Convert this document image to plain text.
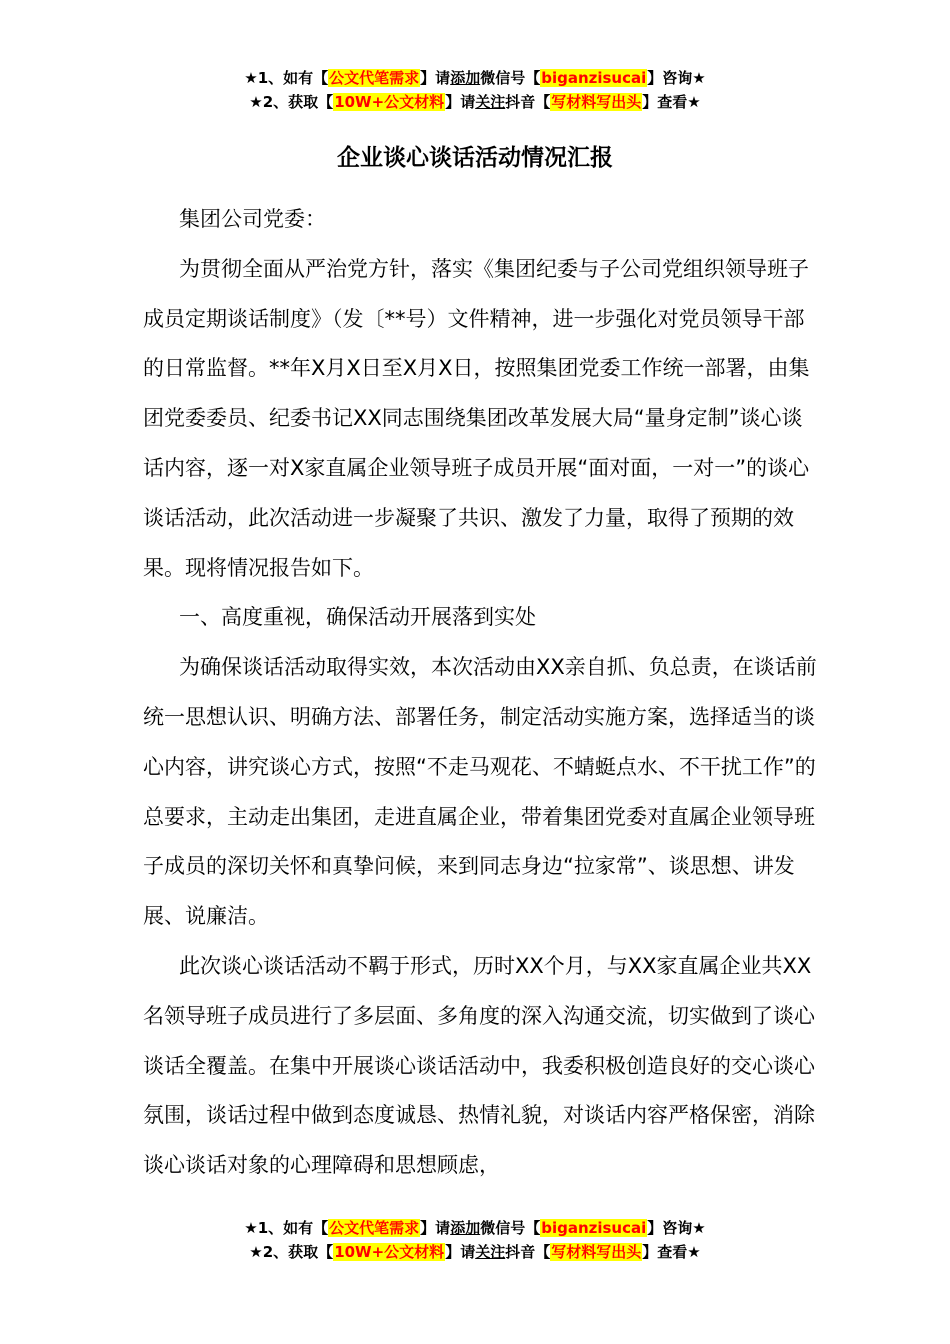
★1、如有【公文代笔需求】请添加微信号【biganzisucai】咨询★
★2、获取【10W+公文材料】请关注抖音【写材料写出头】查看★
企业谈心谈话活动情况汇报

集团公司党委：

为贯彻全面从严治党方针，落实《集团纪委与子公司党组织领导班子成员定期谈话制度》（发〔**号）文件精神，进一步强化对党员领导干部的日常监督。**年X月X日至X月X日，按照集团党委工作统一部署，由集团党委委员、纪委书记XX同志围绕集团改革发展大局“量身定制”谈心谈话内容，逐一对X家直属企业领导班子成员开展“面对面，一对一”的谈心谈话活动，此次活动进一步凝聚了共识、激发了力量，取得了预期的效果。现将情况报告如下。

一、高度重视，确保活动开展落到实处

为确保谈话活动取得实效，本次活动由XX亲自抓、负总责，在谈话前统一思想认识、明确方法、部署任务，制定活动实施方案，选择适当的谈心内容，讲究谈心方式，按照“不走马观花、不蜻蜓点水、不干扰工作”的总要求，主动走出集团，走进直属企业，带着集团党委对直属企业领导班子成员的深切关怀和真挚问候，来到同志身边“拉家常”、谈思想、讲发展、说廉洁。

此次谈心谈话活动不羁于形式，历时XX个月，与XX家直属企业共XX名领导班子成员进行了多层面、多角度的深入沟通交流，切实做到了谈心谈话全覆盖。在集中开展谈心谈话活动中，我委积极创造良好的交心谈心氛围，谈话过程中做到态度诚恳、热情礼貌，对谈话内容严格保密，消除谈心谈话对象的心理障碍和思想顾虑，

★1、如有【公文代笔需求】请添加微信号【biganzisucai】咨询★
★2、获取【10W+公文材料】请关注抖音【写材料写出头】查看★
